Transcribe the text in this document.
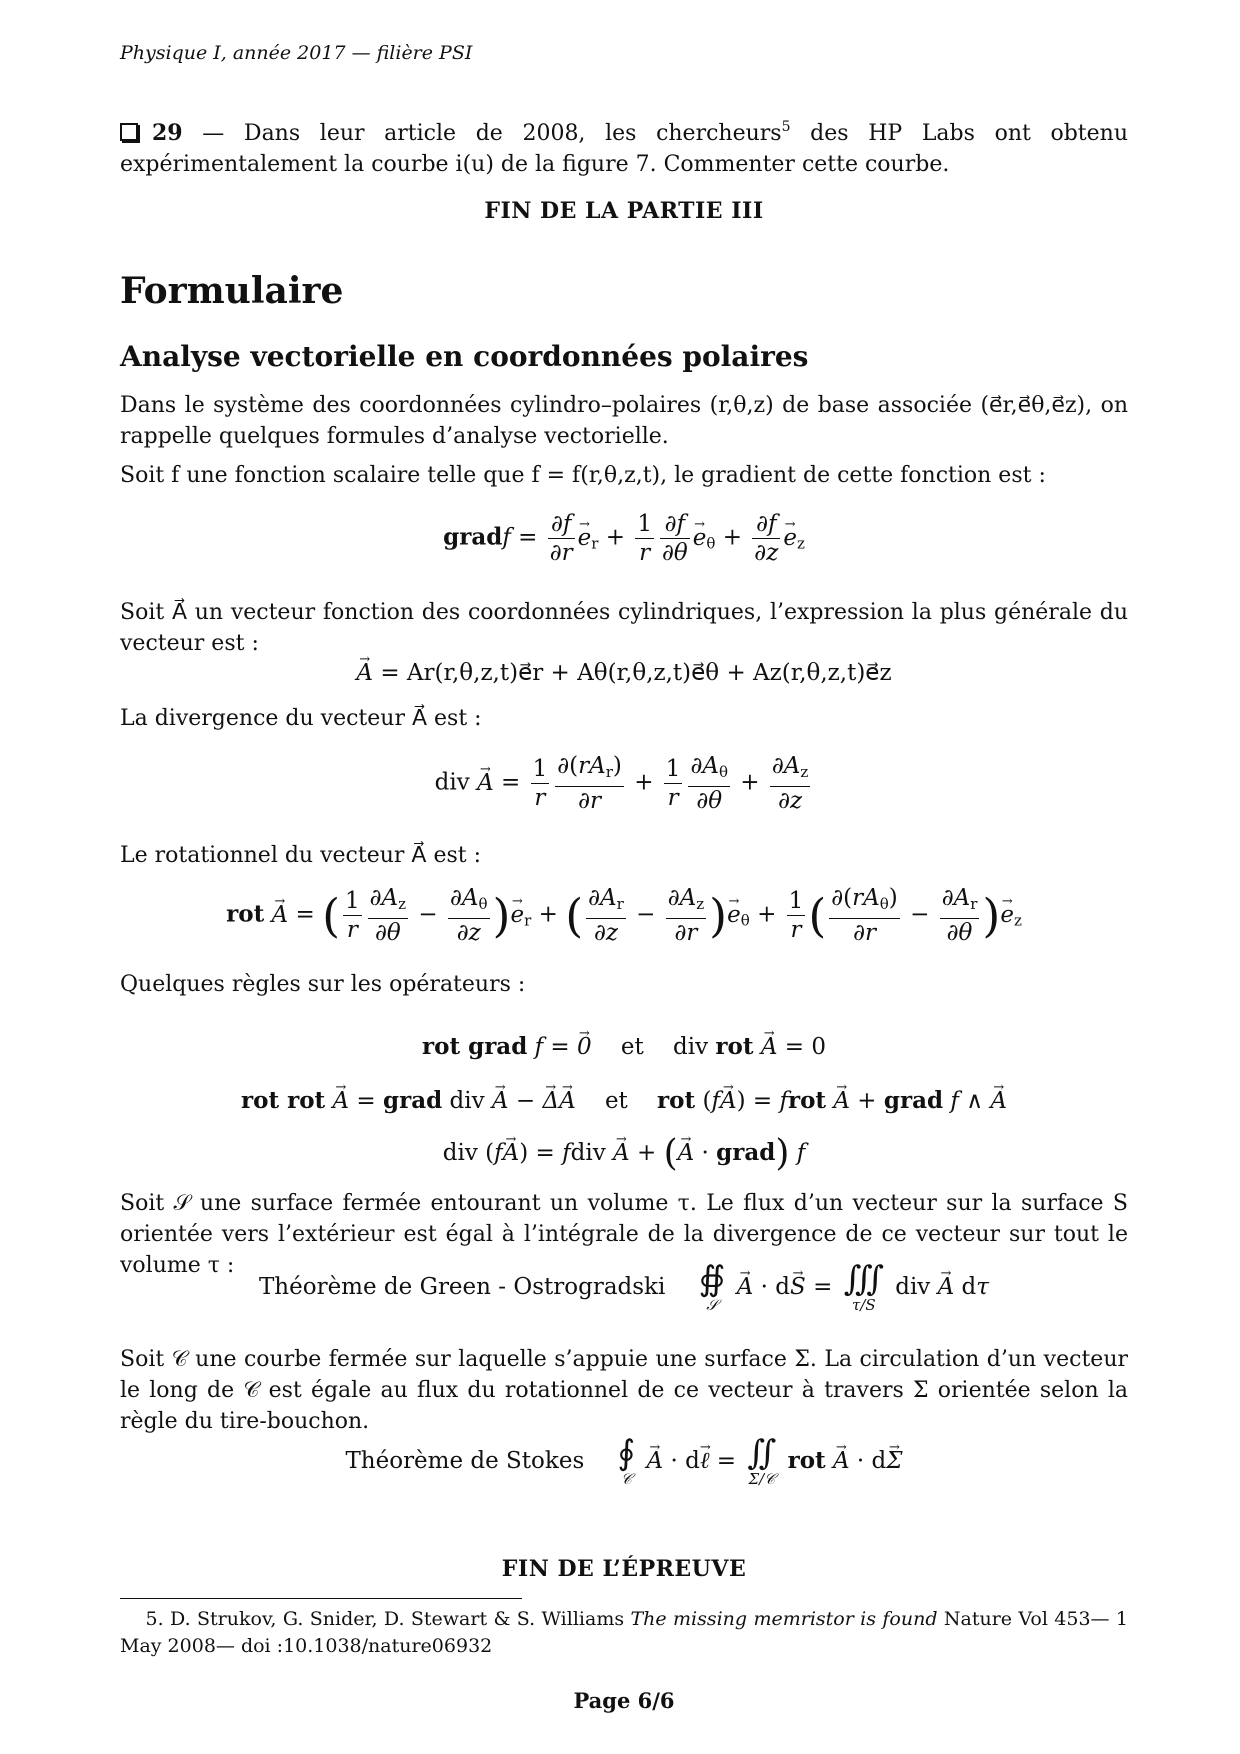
Physique I, année 2017 — filière PSI
29 — Dans leur article de 2008, les chercheurs$^5$ des HP Labs ont obtenu expérimentalement la courbe i(u) de la figure 7. Commenter cette courbe.
FIN DE LA PARTIE III
Formulaire
Analyse vectorielle en coordonnées polaires
Dans le système des coordonnées cylindro–polaires (r,θ,z) de base associée (e⃗r,e⃗θ,e⃗z), on rappelle quelques formules d’analyse vectorielle.
Soit f une fonction scalaire telle que f = f(r,θ,z,t), le gradient de cette fonction est :
gradf = $\frac{\partial f}{\partial r}$ $e \to_r + \frac{1}{r} \frac{\partial f}{\partial\theta}$ $e \to_\theta + \frac{\partial f}{\partial z}$ $e \to_z$
Soit A⃗ un vecteur fonction des coordonnées cylindriques, l’expression la plus générale du vecteur est :
A → = Ar(r,θ,z,t)e⃗r + Aθ(r,θ,z,t)e⃗θ + Az(r,θ,z,t)e⃗z
La divergence du vecteur A⃗ est :
div A → = $\frac{1}{r} \frac{\partial(rA_r)}{\partial r} + \frac{1}{r} \frac{\partial A_\theta}{\partial\theta} + \frac{\partial A_z}{\partial z}$
Le rotationnel du vecteur A⃗ est :
rot A → = ( $\frac{1}{r} \frac{\partial A_z}{\partial\theta} - \frac{\partial A_\theta}{\partial z} )e \to_r$ + ( $\frac{\partial A_r}{\partial z} - \frac{\partial A_z}{\partial r} )e \to_\theta + \frac{1}{r}$ ( $\frac{\partial(rA_\theta)}{\partial r} - \frac{\partial A_r}{\partial\theta} )e \to_z$
Quelques règles sur les opérateurs :
rot grad f = 0 → et    div rot A → = 0
rot rot A → = grad div A → − Δ →A → et rot (fA →) = frot A → + grad f ∧ A →
div (fA →) = fdiv A → + (A → · grad) f
Soit 𝒮 une surface fermée entourant un volume τ. Le flux d’un vecteur sur la surface S orientée vers l’extérieur est égal à l’intégrale de la divergence de ce vecteur sur tout le volume τ :
Théorème de Green - Ostrogradski ∯
𝒮
A → · dS → = ∭
τ/S
div A → dτ
Soit 𝒞 une courbe fermée sur laquelle s’appuie une surface Σ. La circulation d’un vecteur le long de 𝒞 est égale au flux du rotationnel de ce vecteur à travers Σ orientée selon la règle du tire-bouchon.
Théorème de Stokes ∮
𝒞
A → · dℓ → = ∬
Σ/𝒞
rot A → · dΣ →
FIN DE L’ÉPREUVE
5. D. Strukov, G. Snider, D. Stewart & S. Williams The missing memristor is found Nature Vol 453— 1 May 2008— doi :10.1038/nature06932
Page 6/6
